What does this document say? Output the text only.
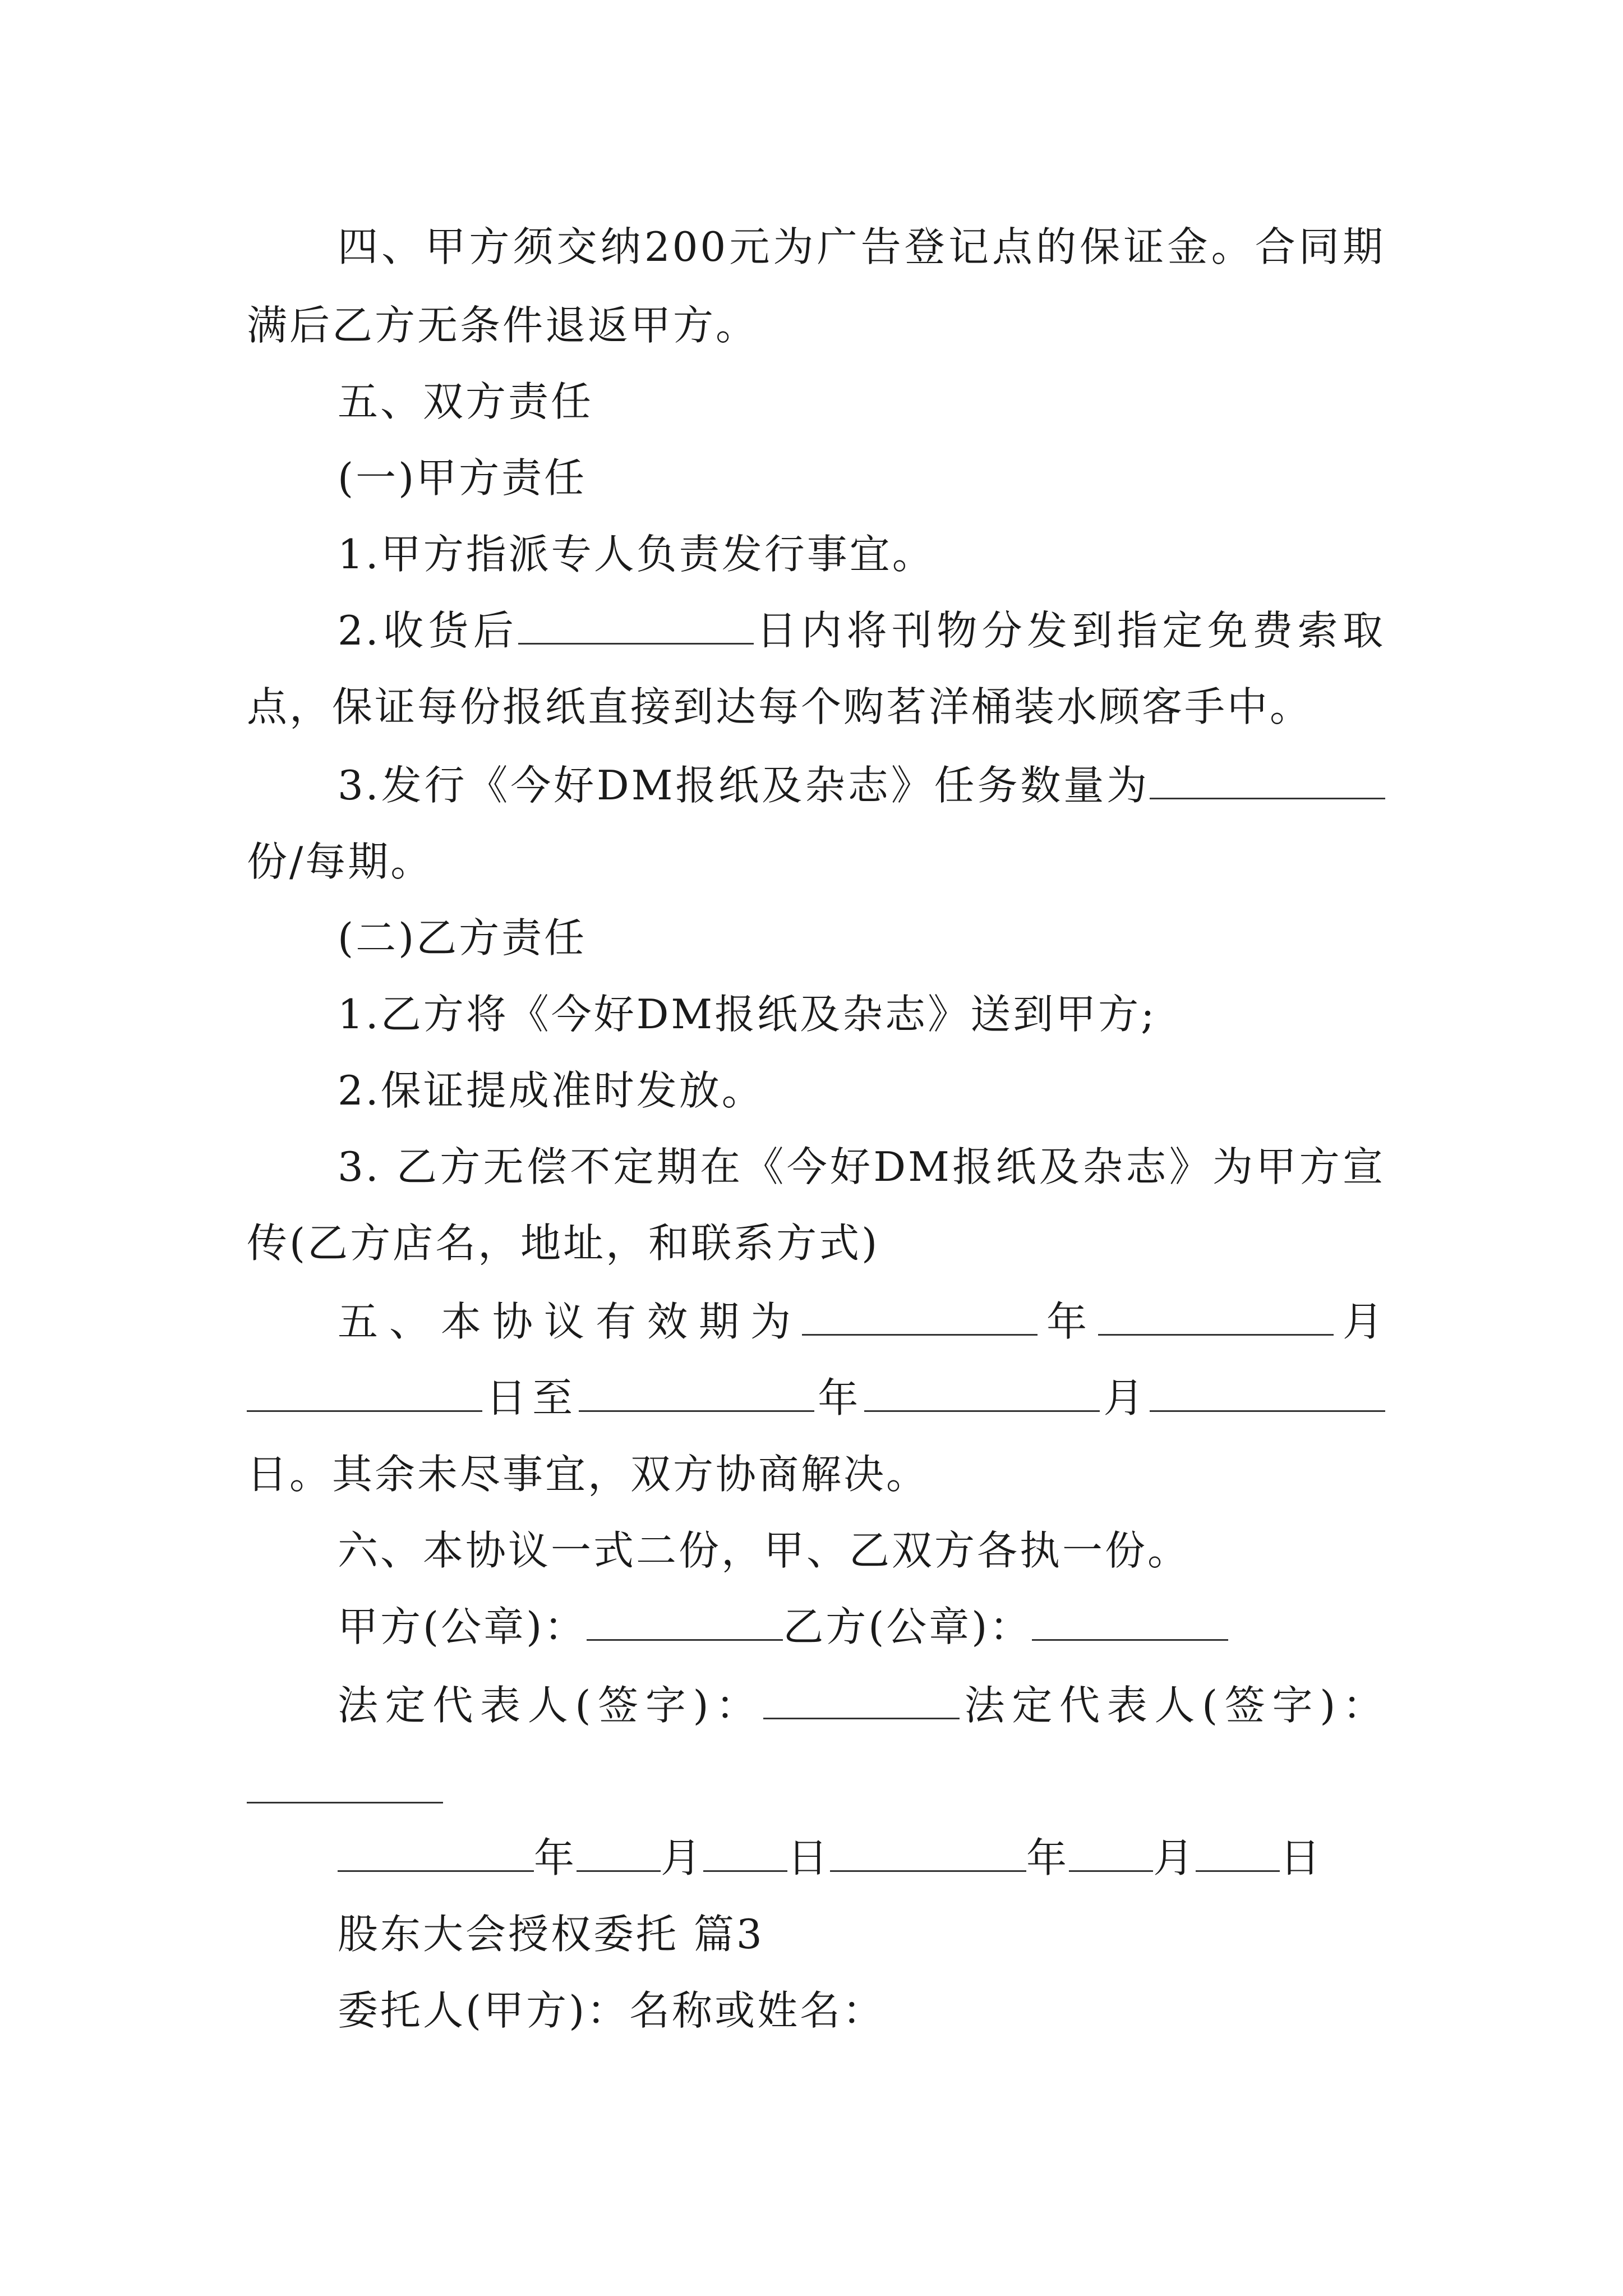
四、甲方须交纳200元为广告登记点的保证金。合同期
满后乙方无条件退返甲方。
五、双方责任
(一)甲方责任
1.甲方指派专人负责发行事宜。
2.收货后	日内将刊物分发到指定免费索取
点，保证每份报纸直接到达每个购茗洋桶装水顾客手中。
3.发行《今好DM报纸及杂志》任务数量为
份/每期。
(二)乙方责任
1.乙方将《今好DM报纸及杂志》送到甲方;
2.保证提成准时发放。
3. 乙方无偿不定期在《今好DM报纸及杂志》为甲方宣
传(乙方店名，地址，和联系方式)
五、本协议有效期为	年	月
日至	年	月
日。其余未尽事宜，双方协商解决。
六、本协议一式二份，甲、乙双方各执一份。
甲方(公章)：	乙方(公章)：
法定代表人(签字)：	法定代表人(签字)：
年 月 日	年 月 日
股东大会授权委托 篇3
委托人(甲方)：名称或姓名：
